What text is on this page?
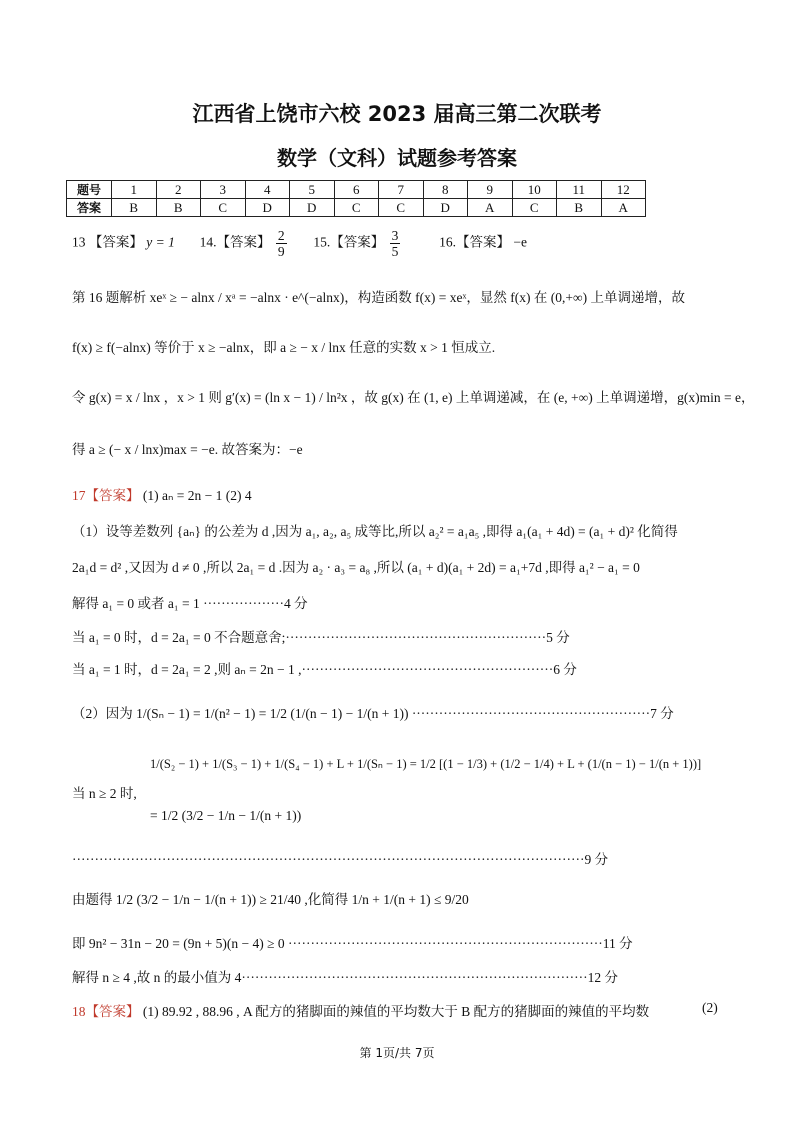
江西省上饶市六校 2023 届高三第二次联考
数学（文科）试题参考答案
题号	1	2	3	4	5	6	7	8	9	10	11	12
答案	B	B	C	D	D	C	C	D	A	C	B	A
13 【答案】 y = 1 14.【答案】 $\frac{2}{9} 15$.【答案】 $\frac{3}{5}$	16.【答案】 −e
第 16 题解析 xeˣ ≥ − alnx / xᵃ = −alnx · e^(−alnx)，构造函数 f(x) = xeˣ，显然 f(x) 在 (0,+∞) 上单调递增，故
f(x) ≥ f(−alnx) 等价于 x ≥ −alnx，即 a ≥ − x / lnx 任意的实数 x > 1 恒成立.
令 g(x) = x / lnx ，x > 1 则 g′(x) = (ln x − 1) / ln²x ，故 g(x) 在 (1, e) 上单调递减，在 (e, +∞) 上单调递增，g(x)min = e，
得 a ≥ (− x / lnx)max = −e. 故答案为：−e
17【答案】 (1) aₙ = 2n − 1 (2) 4
（1）设等差数列 {aₙ} 的公差为 d ,因为 a₁, a₂, a₅ 成等比,所以 a₂² = a₁a₅ ,即得 a₁(a₁ + 4d) = (a₁ + d)² 化简得
2a₁d = d² ,又因为 d ≠ 0 ,所以 2a₁ = d .因为 a₂ · a₃ = a₈ ,所以 (a₁ + d)(a₁ + 2d) = a₁+7d ,即得 a₁² − a₁ = 0
解得 a₁ = 0 或者 a₁ = 1 ··················4 分
当 a₁ = 0 时，d = 2a₁ = 0 不合题意舍;··························································5 分
当 a₁ = 1 时，d = 2a₁ = 2 ,则 aₙ = 2n − 1 ,························································6 分
（2）因为 1/(Sₙ − 1) = 1/(n² − 1) = 1/2 (1/(n − 1) − 1/(n + 1)) ·····················································7 分
1/(S₂ − 1) + 1/(S₃ − 1) + 1/(S₄ − 1) + L + 1/(Sₙ − 1) = 1/2 [(1 − 1/3) + (1/2 − 1/4) + L + (1/(n − 1) − 1/(n + 1))]
当 n ≥ 2 时,
= 1/2 (3/2 − 1/n − 1/(n + 1))
··················································································································9 分
由题得 1/2 (3/2 − 1/n − 1/(n + 1)) ≥ 21/40 ,化简得 1/n + 1/(n + 1) ≤ 9/20
即 9n² − 31n − 20 = (9n + 5)(n − 4) ≥ 0 ······································································11 分
解得 n ≥ 4 ,故 n 的最小值为 4·············································································12 分
18【答案】 (1) 89.92 , 88.96 , A 配方的猪脚面的辣值的平均数大于 B 配方的猪脚面的辣值的平均数	(2)
第 1页/共 7页
